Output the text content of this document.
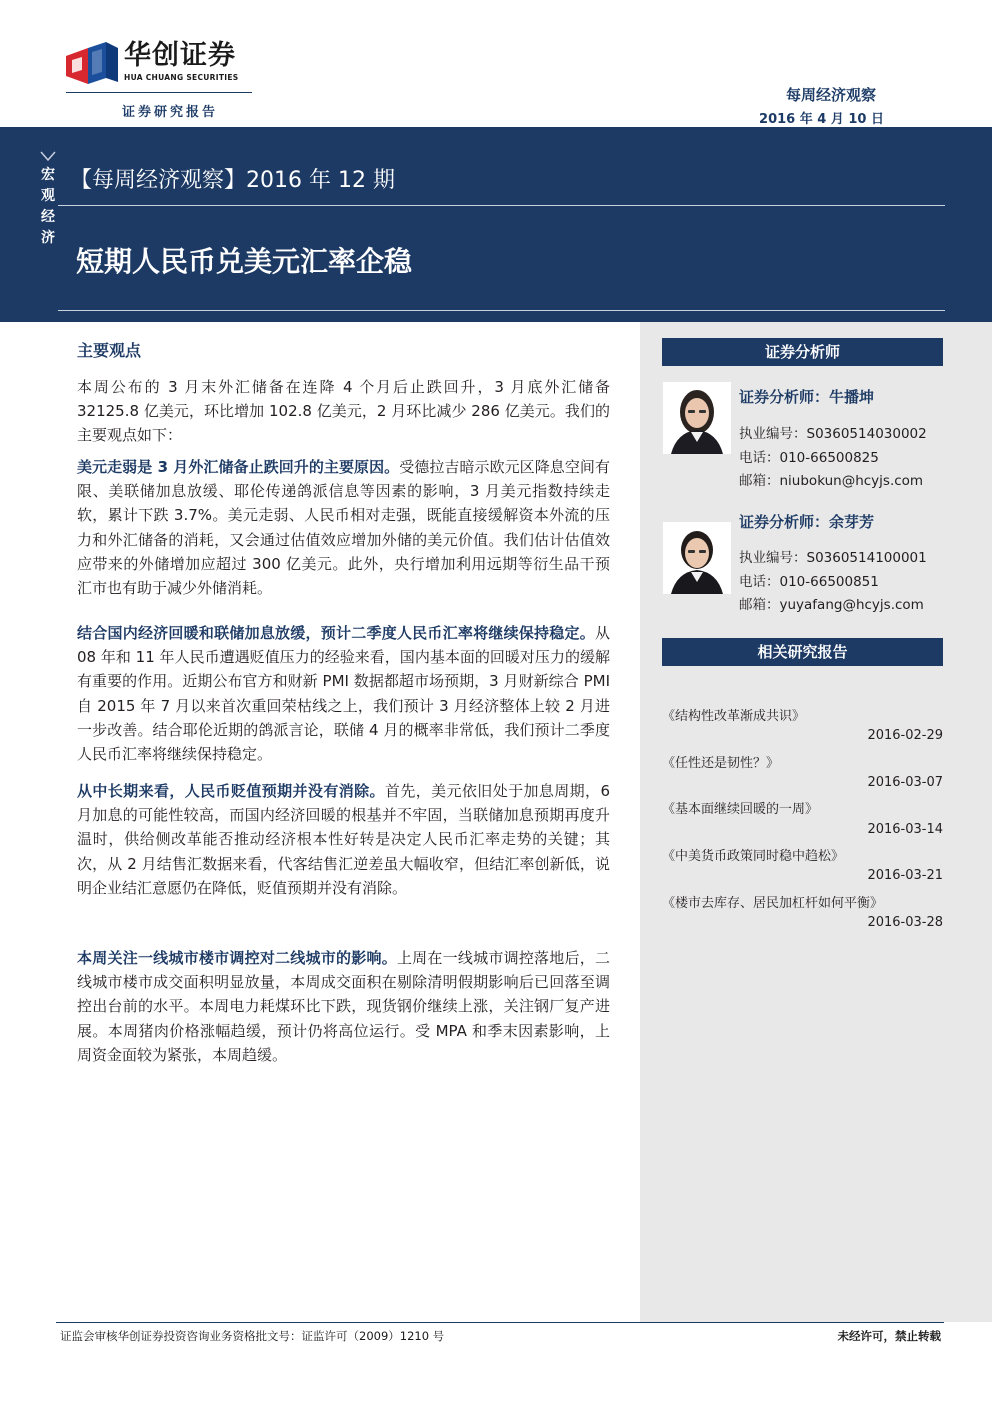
华创证券
HUA CHUANG SECURITIES
证券研究报告
每周经济观察
2016 年 4 月 10 日
宏观经济
【每周经济观察】2016 年 12 期
短期人民币兑美元汇率企稳
证券分析师
证券分析师：牛播坤
执业编号：S0360514030002
电话：010-66500825
邮箱：niubokun@hcyjs.com
证券分析师：余芽芳
执业编号：S0360514100001
电话：010-66500851
邮箱：yuyafang@hcyjs.com
相关研究报告
《结构性改革渐成共识》
2016-02-29
《任性还是韧性？》
2016-03-07
《基本面继续回暖的一周》
2016-03-14
《中美货币政策同时稳中趋松》
2016-03-21
《楼市去库存、居民加杠杆如何平衡》
2016-03-28
主要观点
本周公布的 3 月末外汇储备在连降 4 个月后止跌回升，3 月底外汇储备 32125.8 亿美元，环比增加 102.8 亿美元，2 月环比减少 286 亿美元。我们的主要观点如下：
美元走弱是 3 月外汇储备止跌回升的主要原因。受德拉吉暗示欧元区降息空间有限、美联储加息放缓、耶伦传递鸽派信息等因素的影响，3 月美元指数持续走软，累计下跌 3.7%。美元走弱、人民币相对走强，既能直接缓解资本外流的压力和外汇储备的消耗，又会通过估值效应增加外储的美元价值。我们估计估值效应带来的外储增加应超过 300 亿美元。此外，央行增加利用远期等衍生品干预汇市也有助于减少外储消耗。
结合国内经济回暖和联储加息放缓，预计二季度人民币汇率将继续保持稳定。从 08 年和 11 年人民币遭遇贬值压力的经验来看，国内基本面的回暖对压力的缓解有重要的作用。近期公布官方和财新 PMI 数据都超市场预期，3 月财新综合 PMI 自 2015 年 7 月以来首次重回荣枯线之上，我们预计 3 月经济整体上较 2 月进一步改善。结合耶伦近期的鸽派言论，联储 4 月的概率非常低，我们预计二季度人民币汇率将继续保持稳定。
从中长期来看，人民币贬值预期并没有消除。首先，美元依旧处于加息周期，6 月加息的可能性较高，而国内经济回暖的根基并不牢固，当联储加息预期再度升温时，供给侧改革能否推动经济根本性好转是决定人民币汇率走势的关键；其次，从 2 月结售汇数据来看，代客结售汇逆差虽大幅收窄，但结汇率创新低，说明企业结汇意愿仍在降低，贬值预期并没有消除。
本周关注一线城市楼市调控对二线城市的影响。上周在一线城市调控落地后，二线城市楼市成交面积明显放量，本周成交面积在剔除清明假期影响后已回落至调控出台前的水平。本周电力耗煤环比下跌，现货钢价继续上涨，关注钢厂复产进展。本周猪肉价格涨幅趋缓，预计仍将高位运行。受 MPA 和季末因素影响，上周资金面较为紧张，本周趋缓。
证监会审核华创证券投资咨询业务资格批文号：证监许可（2009）1210 号	未经许可，禁止转载
